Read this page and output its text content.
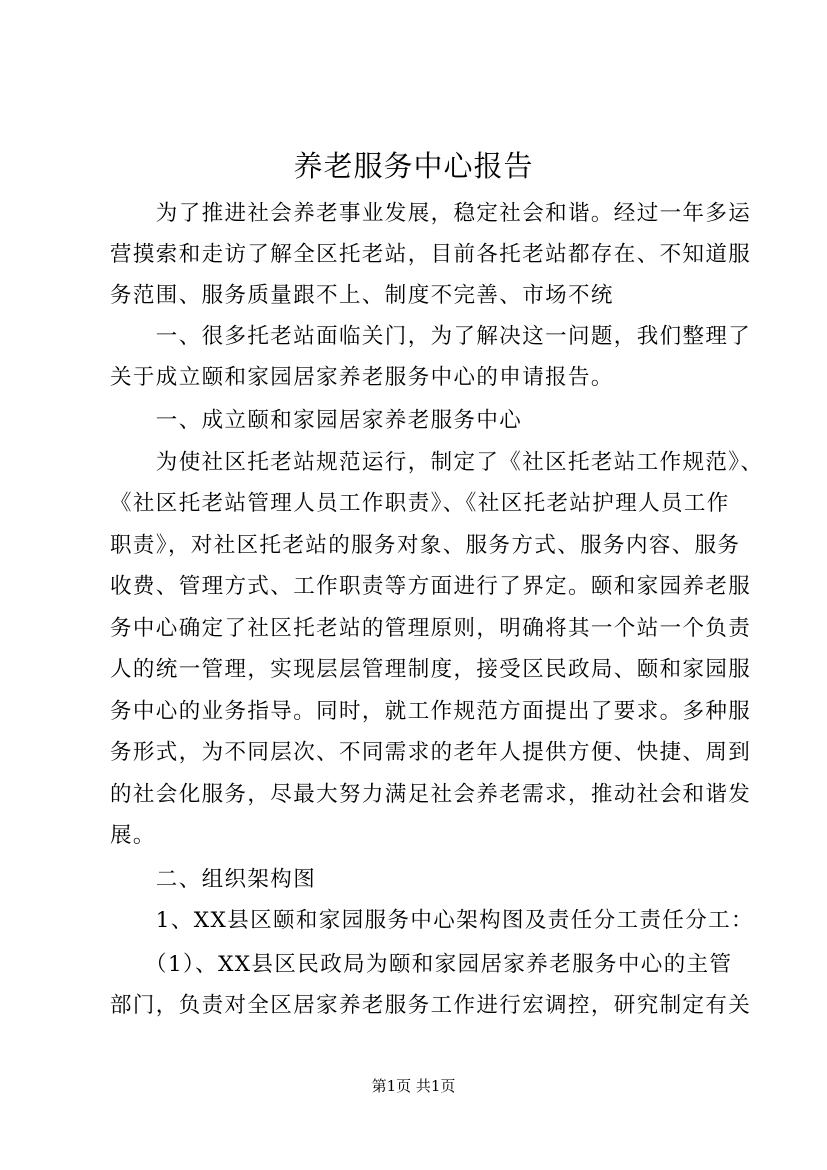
养老服务中心报告
　　为了推进社会养老事业发展，稳定社会和谐。经过一年多运
营摸索和走访了解全区托老站，目前各托老站都存在、不知道服
务范围、服务质量跟不上、制度不完善、市场不统
　　一、很多托老站面临关门，为了解决这一问题，我们整理了
关于成立颐和家园居家养老服务中心的申请报告。
　　一、成立颐和家园居家养老服务中心
　　为使社区托老站规范运行，制定了《社区托老站工作规范》、
《社区托老站管理人员工作职责》、《社区托老站护理人员工作
职责》，对社区托老站的服务对象、服务方式、服务内容、服务
收费、管理方式、工作职责等方面进行了界定。颐和家园养老服
务中心确定了社区托老站的管理原则，明确将其一个站一个负责
人的统一管理，实现层层管理制度，接受区民政局、颐和家园服
务中心的业务指导。同时，就工作规范方面提出了要求。多种服
务形式，为不同层次、不同需求的老年人提供方便、快捷、周到
的社会化服务，尽最大努力满足社会养老需求，推动社会和谐发
展。
　　二、组织架构图
　　1、XX县区颐和家园服务中心架构图及责任分工责任分工：
　　（1）、XX县区民政局为颐和家园居家养老服务中心的主管
部门，负责对全区居家养老服务工作进行宏调控，研究制定有关
第1页 共1页
